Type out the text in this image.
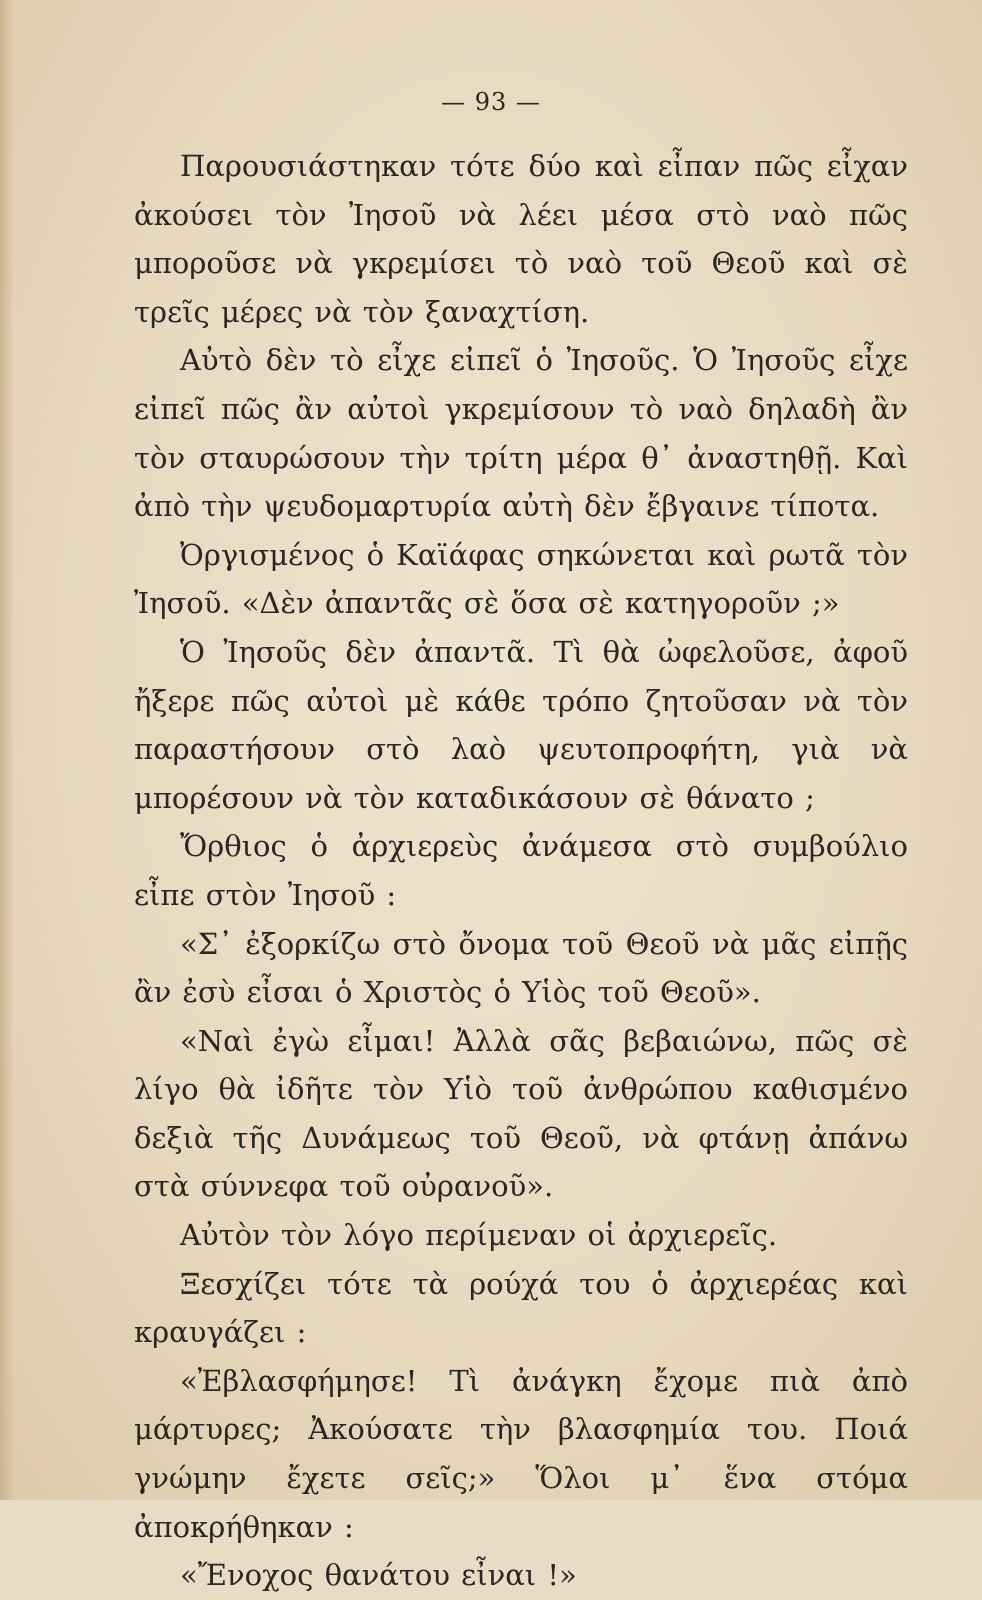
— 93 —

Παρουσιάστηκαν τότε δύο καὶ εἶπαν πῶς εἶχαν ἀκούσει τὸν Ἰησοῦ νὰ λέει μέσα στὸ ναὸ πῶς μποροῦσε νὰ γκρεμίσει τὸ ναὸ τοῦ Θεοῦ καὶ σὲ τρεῖς μέρες νὰ τὸν ξαναχτίση.

Αὐτὸ δὲν τὸ εἶχε εἰπεῖ ὁ Ἰησοῦς. Ὁ Ἰησοῦς εἶχε εἰπεῖ πῶς ἂν αὐτοὶ γκρεμίσουν τὸ ναὸ δηλαδὴ ἂν τὸν σταυρώσουν τὴν τρίτη μέρα θ᾽ ἀναστηθῇ. Καὶ ἀπὸ τὴν ψευδομαρτυρία αὐτὴ δὲν ἔβγαινε τίποτα.

Ὀργισμένος ὁ Καϊάφας σηκώνεται καὶ ρωτᾶ τὸν Ἰησοῦ. «Δὲν ἀπαντᾶς σὲ ὅσα σὲ κατηγοροῦν ;»

Ὁ Ἰησοῦς δὲν ἀπαντᾶ. Τὶ θὰ ὠφελοῦσε, ἀφοῦ ἤξερε πῶς αὐτοὶ μὲ κάθε τρόπο ζητοῦσαν νὰ τὸν παραστήσουν στὸ λαὸ ψευτοπροφήτη, γιὰ νὰ μπορέσουν νὰ τὸν καταδικάσουν σὲ θάνατο ;

Ὄρθιος ὁ ἀρχιερεὺς ἀνάμεσα στὸ συμβούλιο εἶπε στὸν Ἰησοῦ :

«Σ᾽ ἐξορκίζω στὸ ὄνομα τοῦ Θεοῦ νὰ μᾶς εἰπῇς ἂν ἐσὺ εἶσαι ὁ Χριστὸς ὁ Υἱὸς τοῦ Θεοῦ».

«Ναὶ ἐγὼ εἶμαι! Ἀλλὰ σᾶς βεβαιώνω, πῶς σὲ λίγο θὰ ἰδῆτε τὸν Υἱὸ τοῦ ἀνθρώπου καθισμένο δεξιὰ τῆς Δυνάμεως τοῦ Θεοῦ, νὰ φτάνῃ ἀπάνω στὰ σύννεφα τοῦ οὐρανοῦ».

Αὐτὸν τὸν λόγο περίμεναν οἱ ἀρχιερεῖς.

Ξεσχίζει τότε τὰ ρούχά του ὁ ἀρχιερέας καὶ κραυγάζει :

«Ἐβλασφήμησε! Τὶ ἀνάγκη ἔχομε πιὰ ἀπὸ μάρτυρες; Ἀκούσατε τὴν βλασφημία του. Ποιά γνώμην ἔχετε σεῖς;» Ὅλοι μ᾽ ἕνα στόμα ἀποκρήθηκαν :

«Ἔνοχος θανάτου εἶναι !»
